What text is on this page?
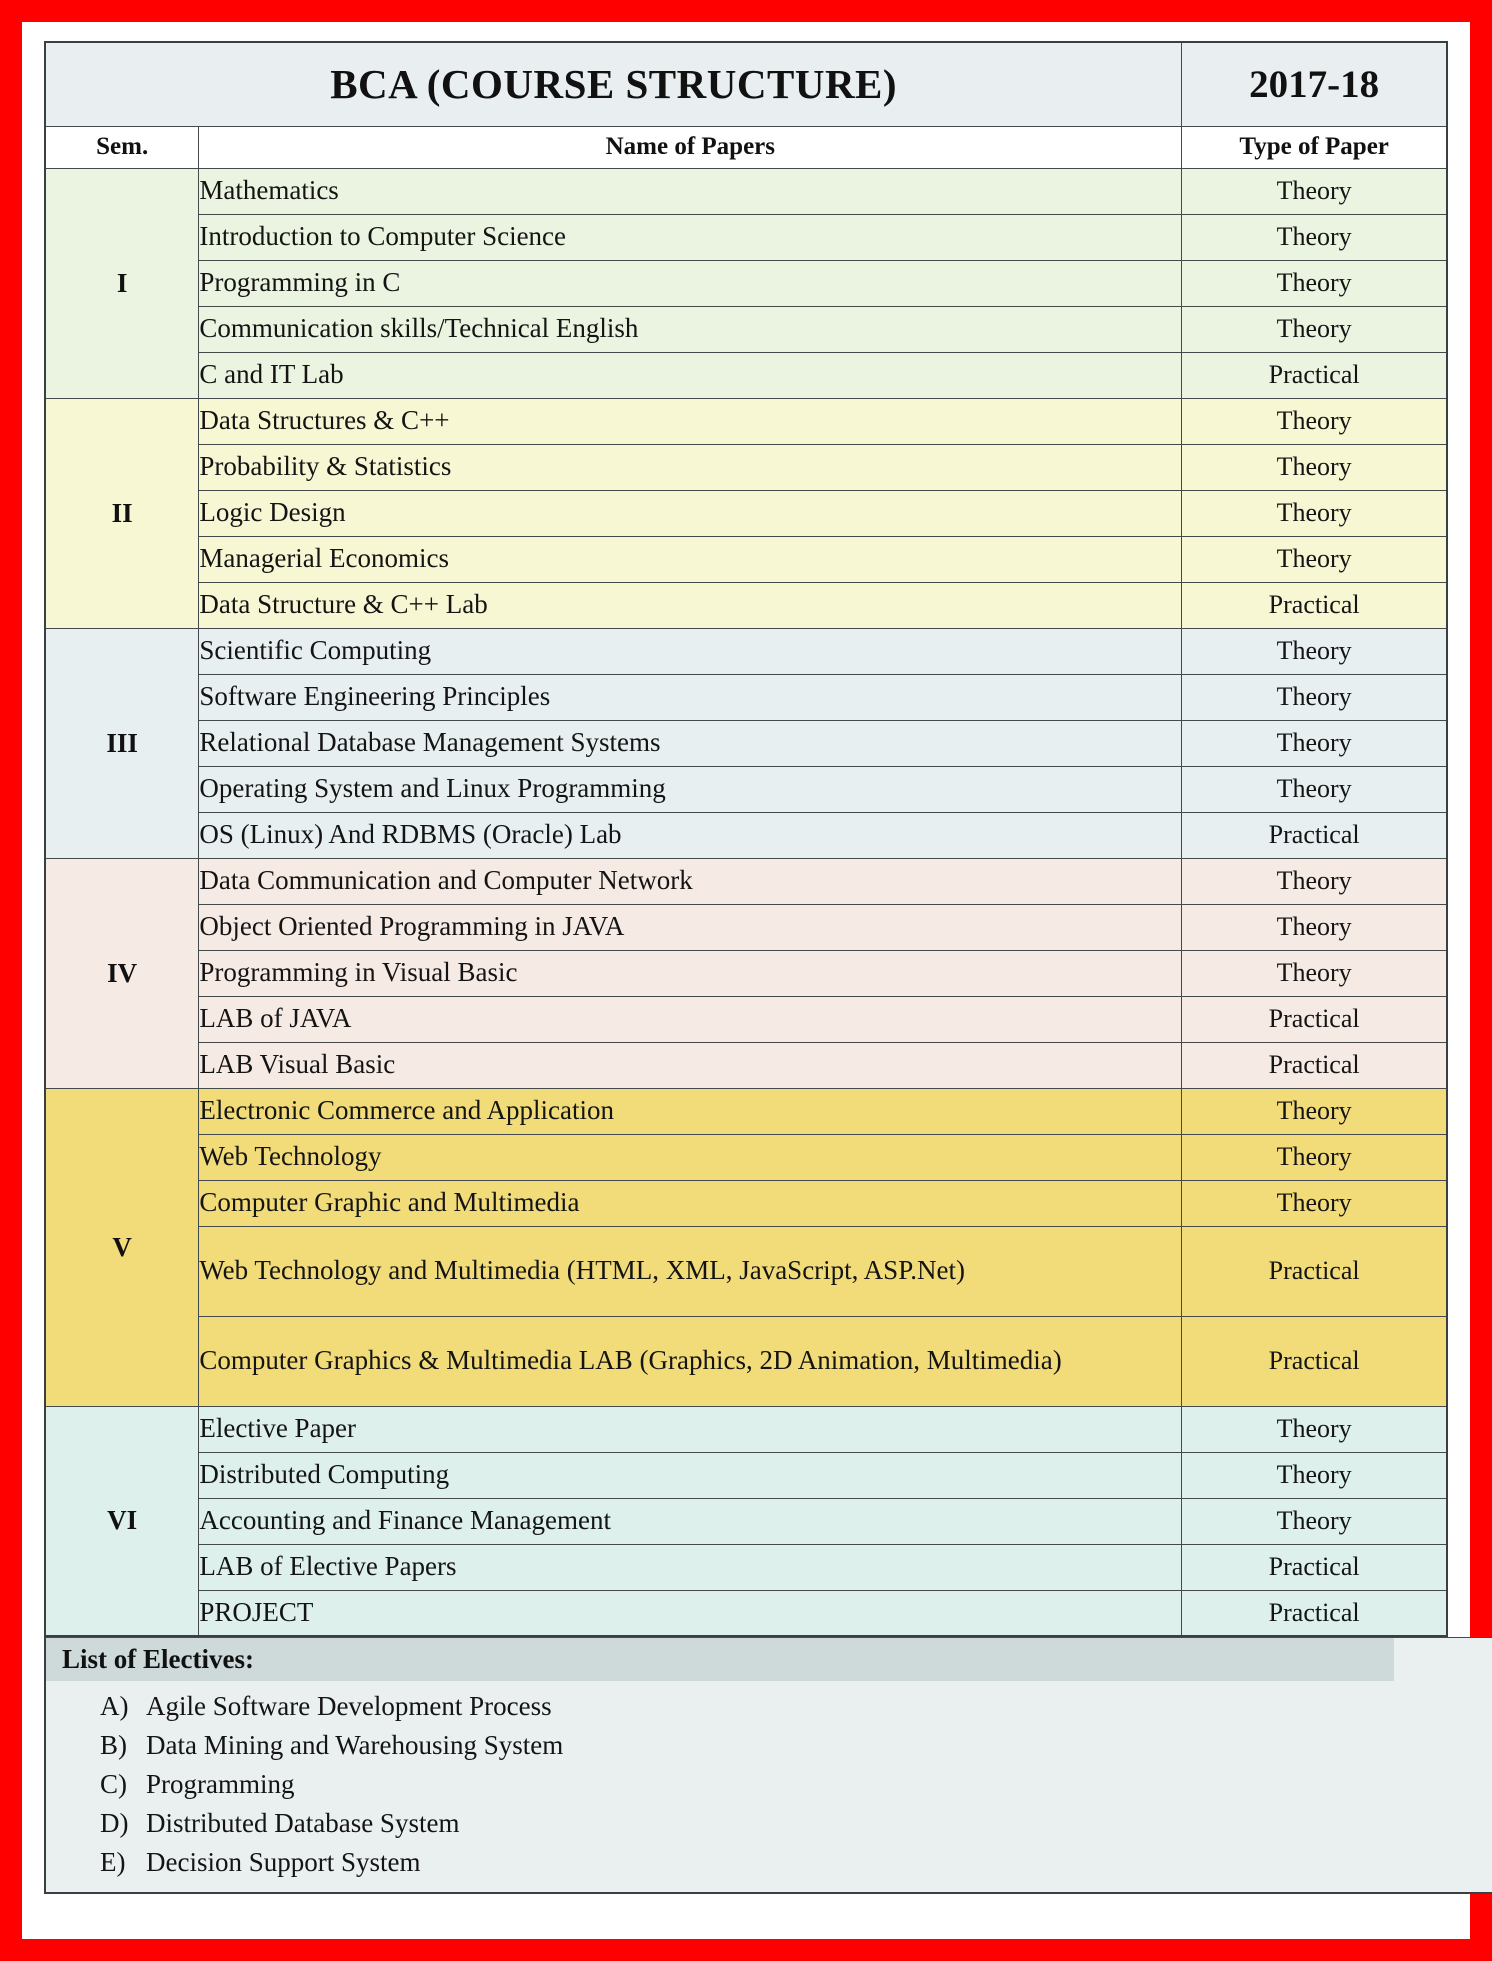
BCA (COURSE STRUCTURE)		2017-18
Sem.	Name of Papers	Type of Paper
I	Mathematics	Theory
	Introduction to Computer Science	Theory
	Programming in C	Theory
	Communication skills/Technical English	Theory
	C and IT Lab	Practical
II	Data Structures & C++	Theory
	Probability & Statistics	Theory
	Logic Design	Theory
	Managerial Economics	Theory
	Data Structure & C++ Lab	Practical
III	Scientific Computing	Theory
	Software Engineering Principles	Theory
	Relational Database Management Systems	Theory
	Operating System and Linux Programming	Theory
	OS (Linux) And RDBMS (Oracle) Lab	Practical
IV	Data Communication and Computer Network	Theory
	Object Oriented Programming in JAVA	Theory
	Programming in Visual Basic	Theory
	LAB of JAVA	Practical
	LAB Visual Basic	Practical
V	Electronic Commerce and Application	Theory
	Web Technology	Theory
	Computer Graphic and Multimedia	Theory
	Web Technology and Multimedia (HTML, XML, JavaScript, ASP.Net)	Practical
	Computer Graphics & Multimedia LAB (Graphics, 2D Animation, Multimedia)	Practical
VI	Elective Paper	Theory
	Distributed Computing	Theory
	Accounting and Finance Management	Theory
	LAB of Elective Papers	Practical
	PROJECT	Practical
List of Electives:
A) Agile Software Development Process
B) Data Mining and Warehousing System
C) Programming
D) Distributed Database System
E) Decision Support System
